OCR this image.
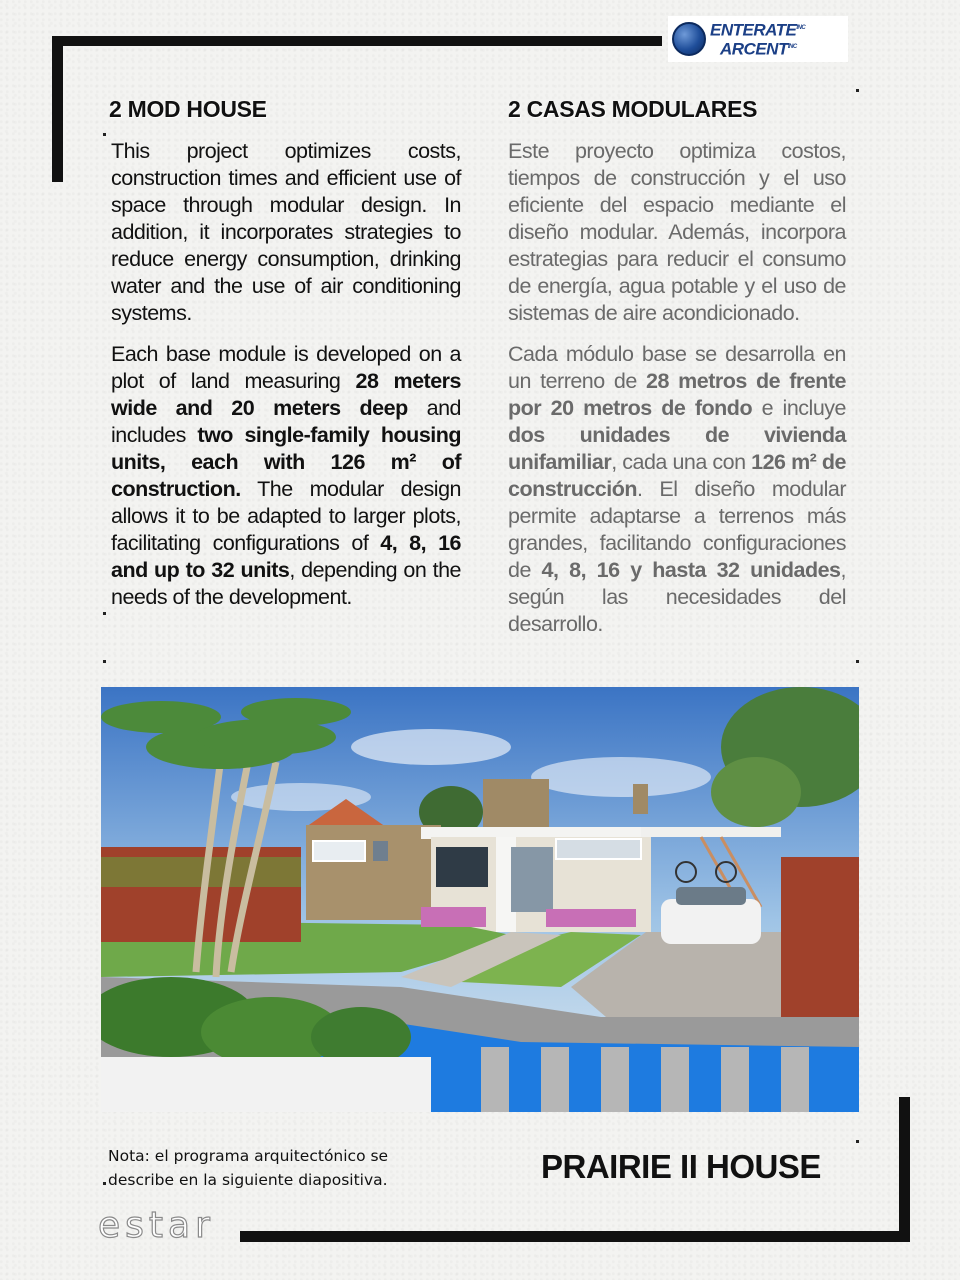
$ENTERATE^{INC}$
$ARCENT^{INC}$
2 MOD HOUSE	2 CASAS MODULARES

This project optimizes costs, construction times and efficient use of space through modular design. In addition, it incorporates strategies to reduce energy consumption, drinking water and the use of air conditioning systems.

Each base module is developed on a plot of land measuring 28 meters wide and 20 meters deep and includes two single-family housing units, each with 126 m² of construction. The modular design allows it to be adapted to larger plots, facilitating configurations of 4, 8, 16 and up to 32 units, depending on the needs of the development.

Este proyecto optimiza costos, tiempos de construcción y el uso eficiente del espacio mediante el diseño modular. Además, incorpora estrategias para reducir el consumo de energía, agua potable y el uso de sistemas de aire acondicionado.

Cada módulo base se desarrolla en un terreno de 28 metros de frente por 20 metros de fondo e incluye dos unidades de vivienda unifamiliar, cada una con 126 m² de construcción. El diseño modular permite adaptarse a terrenos más grandes, facilitando configuraciones de 4, 8, 16 y hasta 32 unidades, según las necesidades del desarrollo.

Nota: el programa arquitectónico se describe en la siguiente diapositiva.	PRAIRIE II HOUSE
estar
